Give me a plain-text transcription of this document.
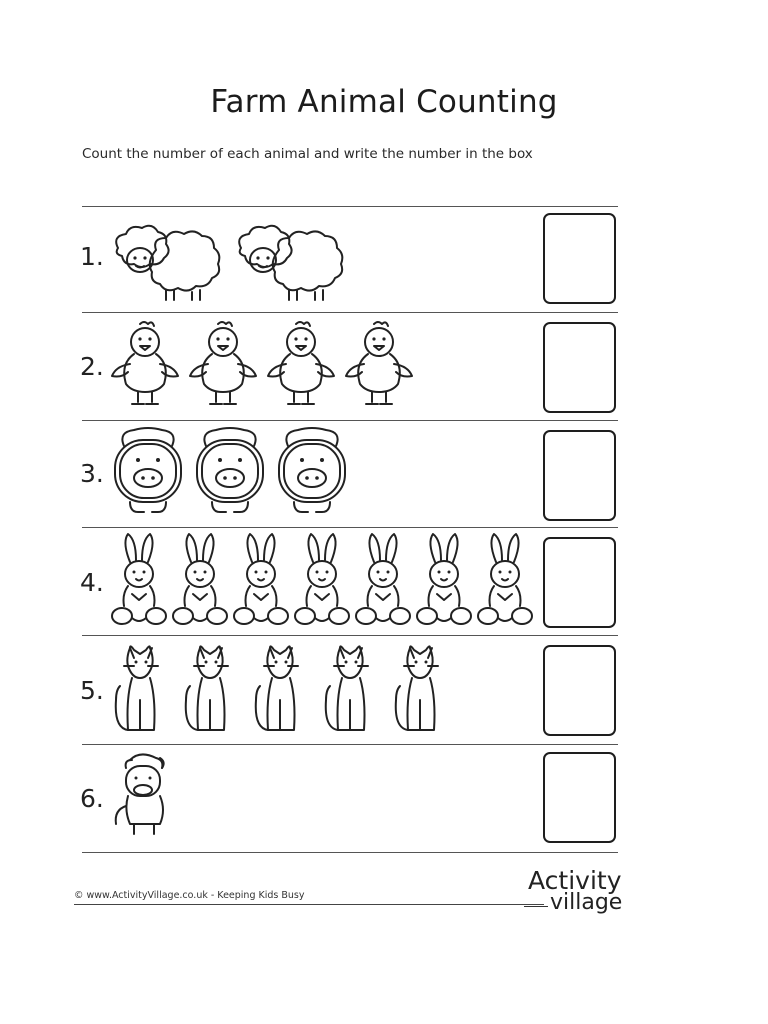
Farm Animal Counting
Count the number of each animal and write the number in the box
1.
2.
3.
4.
5.
6.
© www.ActivityVillage.co.uk - Keeping Kids Busy
Activity
village
